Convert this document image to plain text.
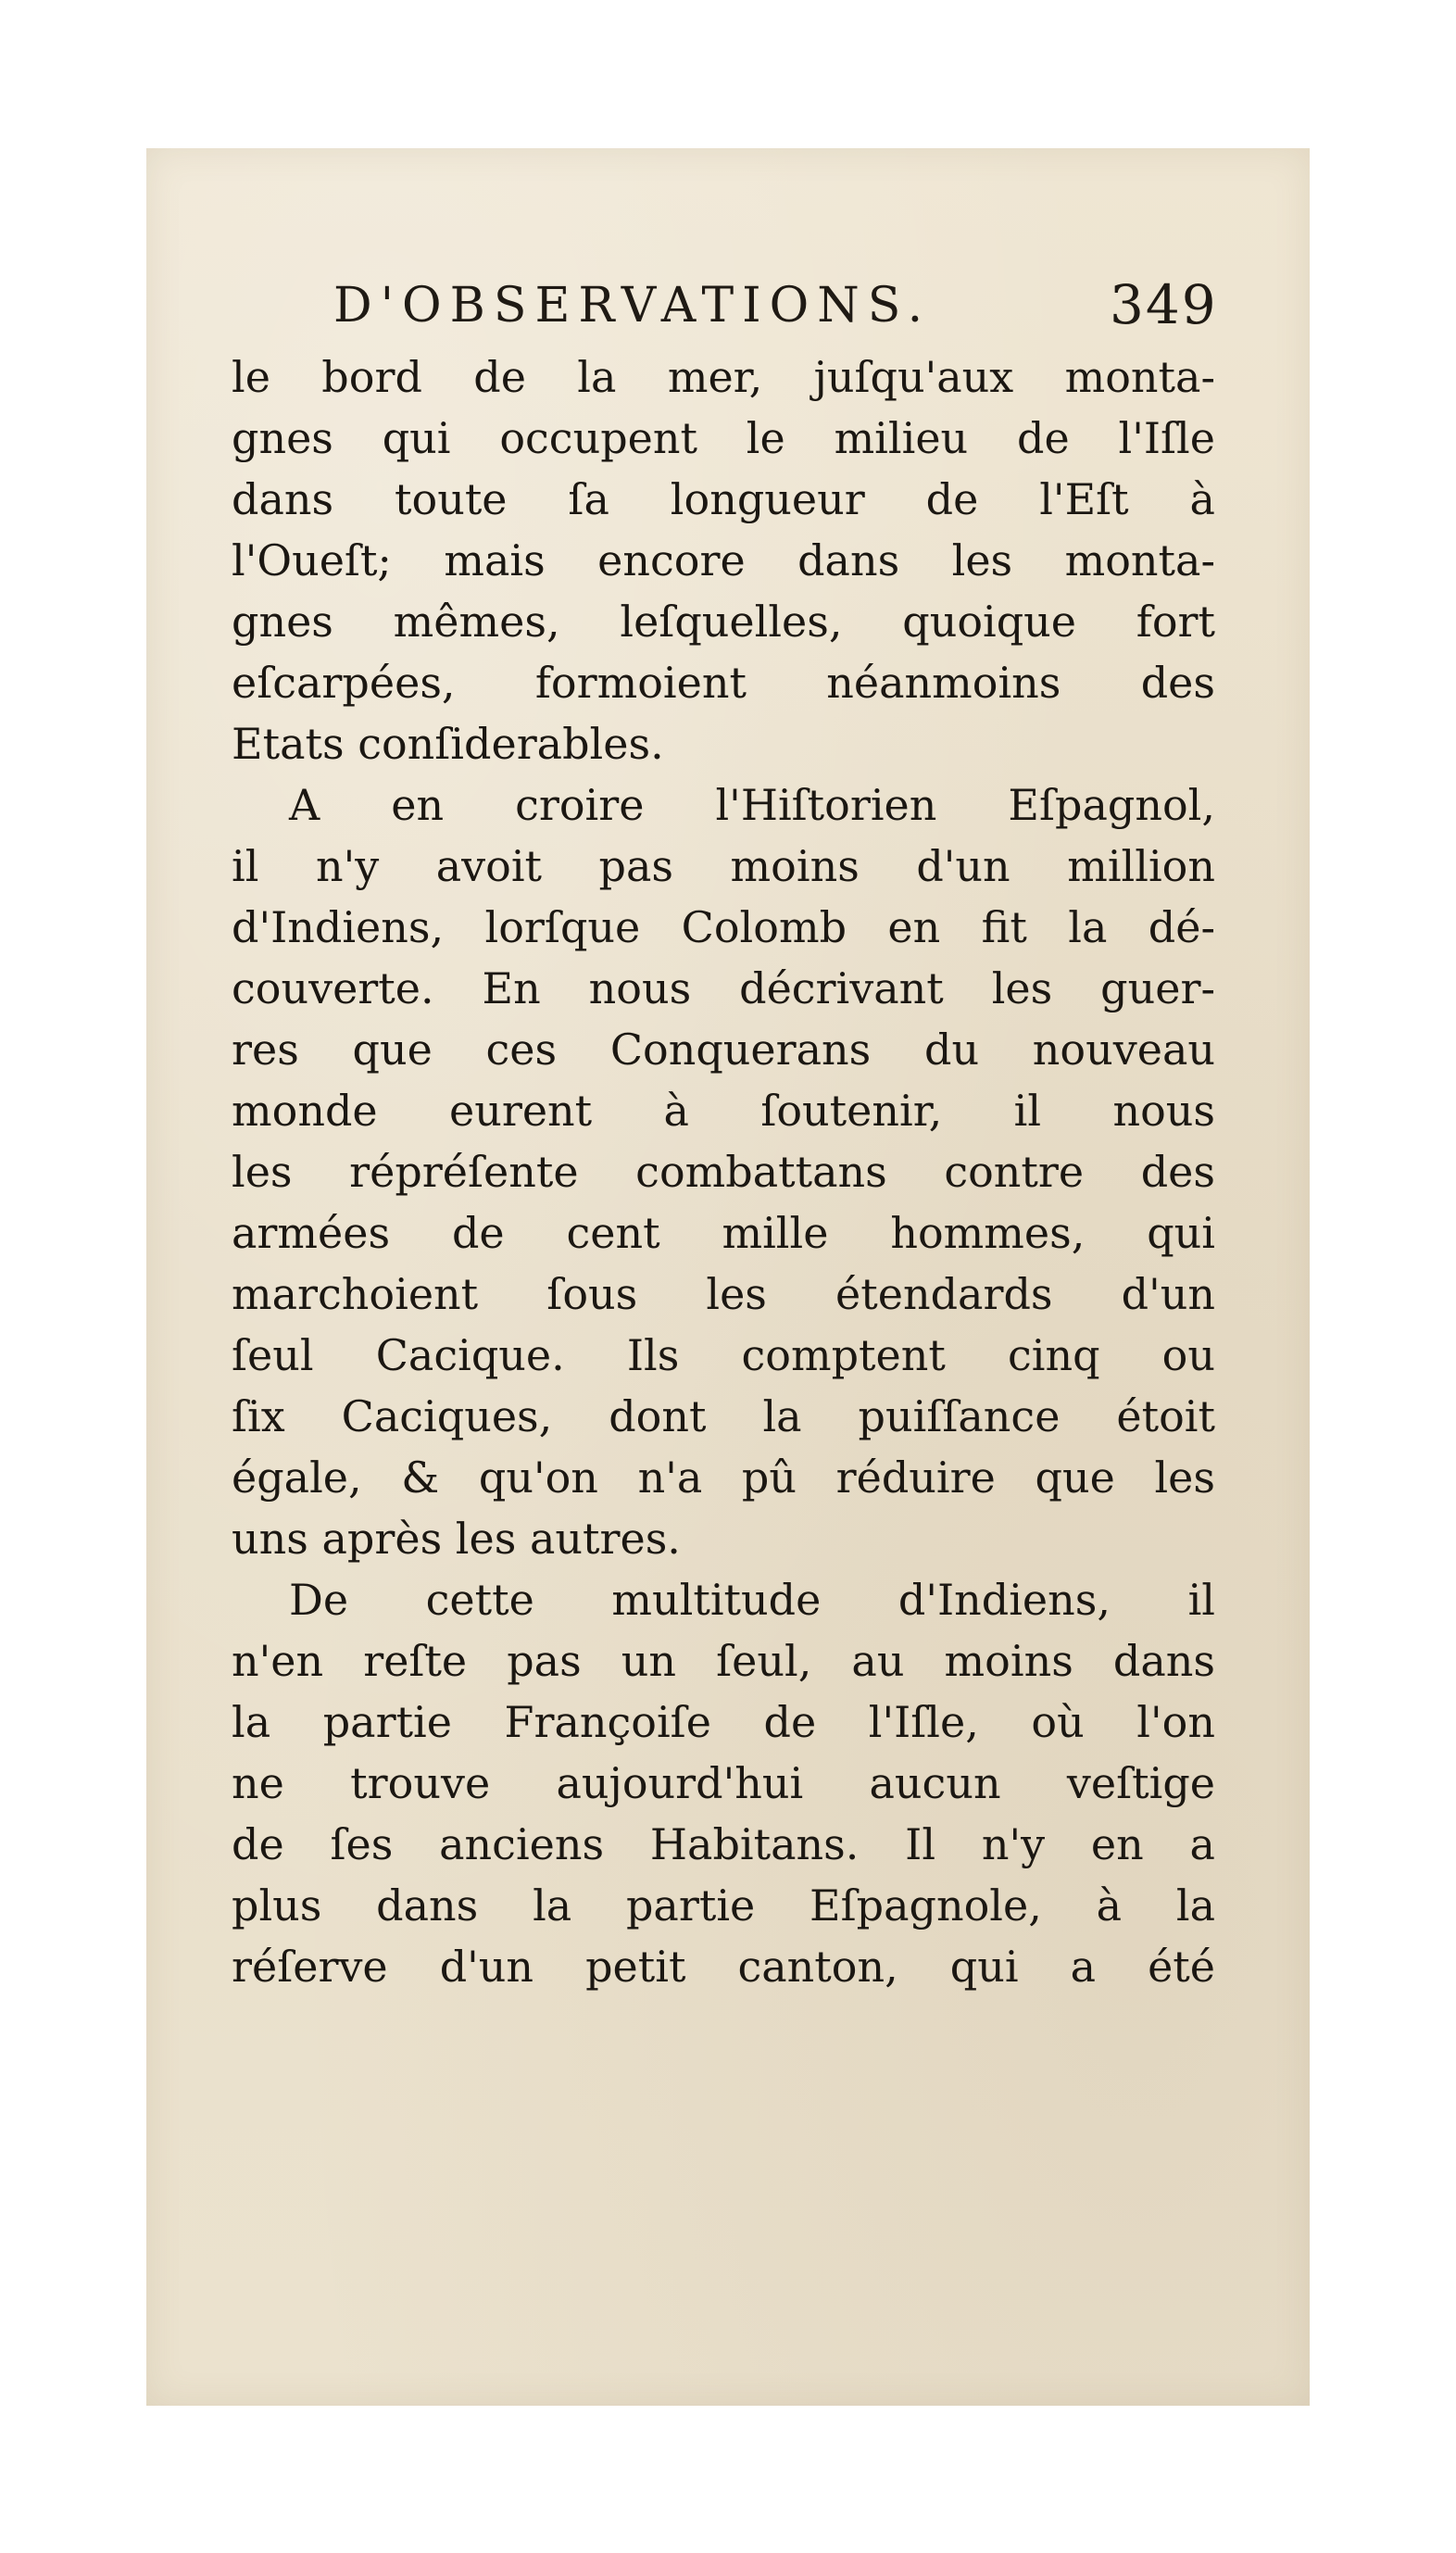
D'OBSERVATIONS.	349
le bord de la mer, juſqu'aux monta-
gnes qui occupent le milieu de l'Iſle
dans toute ſa longueur de l'Eſt à
l'Oueſt; mais encore dans les monta-
gnes mêmes, leſquelles, quoique fort
eſcarpées, formoient néanmoins des
Etats conſiderables.
A en croire l'Hiſtorien Eſpagnol,
il n'y avoit pas moins d'un million
d'Indiens, lorſque Colomb en fit la dé-
couverte. En nous décrivant les guer-
res que ces Conquerans du nouveau
monde eurent à ſoutenir, il nous
les répréſente combattans contre des
armées de cent mille hommes, qui
marchoient ſous les étendards d'un
ſeul Cacique. Ils comptent cinq ou
ſix Caciques, dont la puiſſance étoit
égale, & qu'on n'a pû réduire que les
uns après les autres.
De cette multitude d'Indiens, il
n'en reſte pas un ſeul, au moins dans
la partie Françoiſe de l'Iſle, où l'on
ne trouve aujourd'hui aucun veſtige
de ſes anciens Habitans. Il n'y en a
plus dans la partie Eſpagnole, à la
réſerve d'un petit canton, qui a été
